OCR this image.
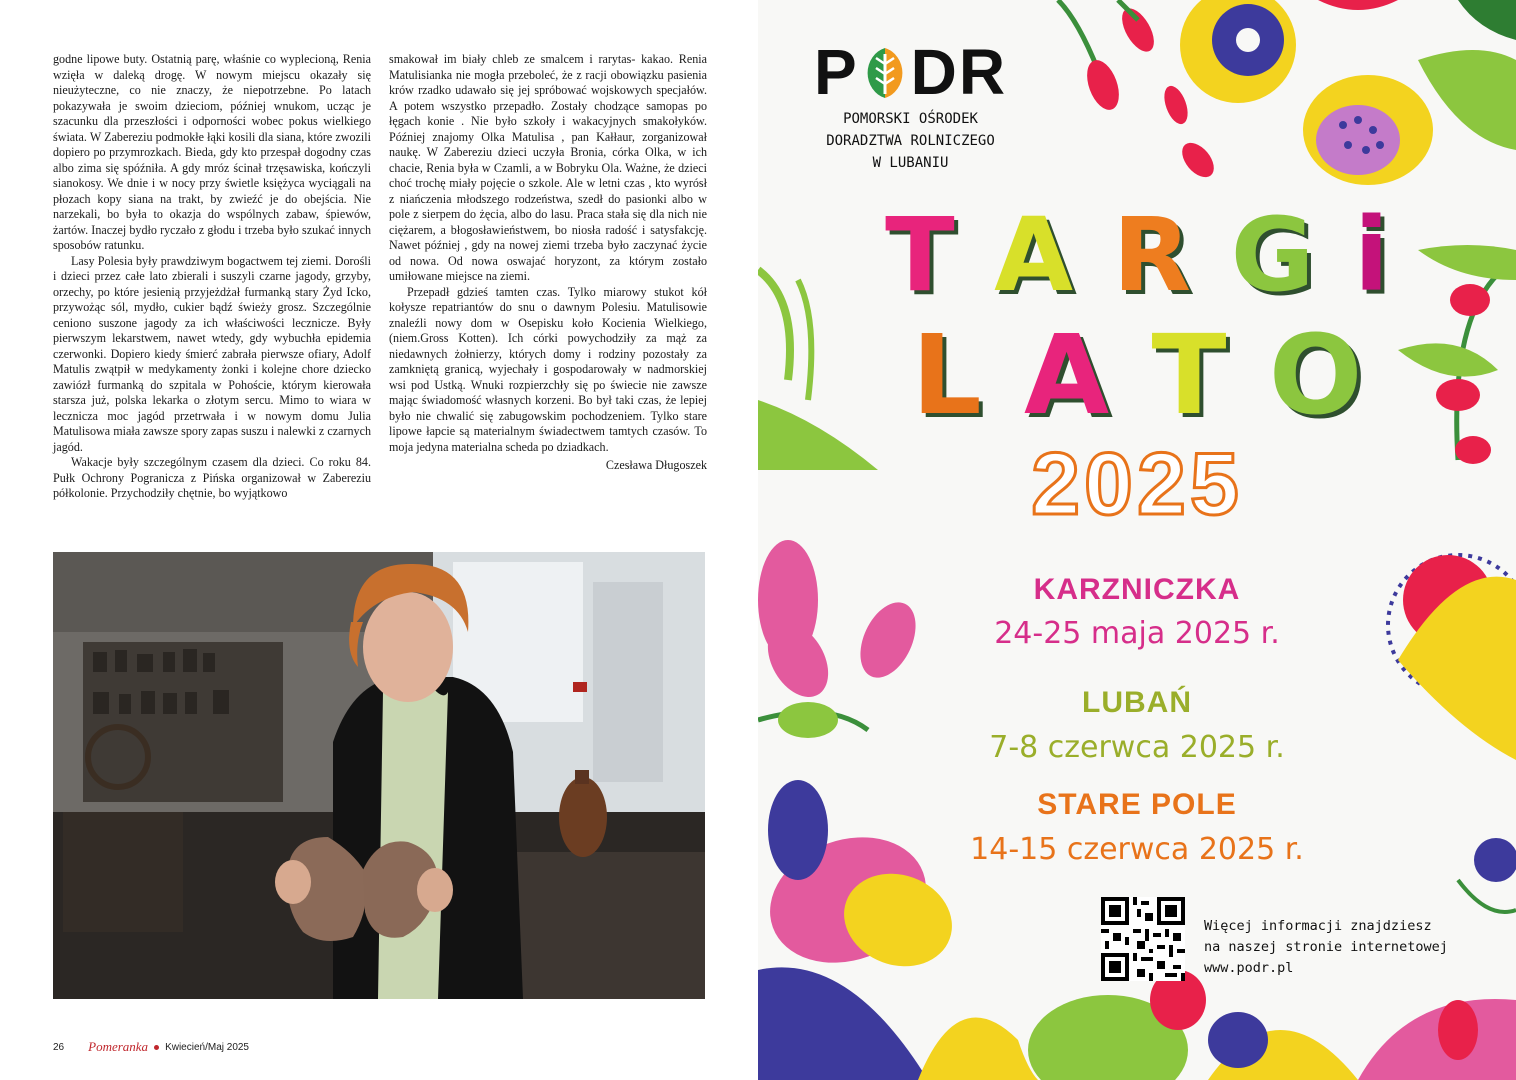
godne lipowe buty. Ostatnią parę, właśnie co wyplecioną, Renia wzięła w daleką drogę. W nowym miejscu okazały się nieużyteczne, co nie znaczy, że niepotrzebne. Po latach pokazywała je swoim dzieciom, później wnukom, ucząc je szacunku dla przeszłości i odporności wobec pokus wielkiego świata. W Zabereziu podmokłe łąki kosili dla siana, które zwozili dopiero po przymrozkach. Bieda, gdy kto przespał dogodny czas albo zima się spóźniła. A gdy mróz ścinał trzęsawiska, kończyli sianokosy. We dnie i w nocy przy świetle księżyca wyciągali na płozach kopy siana na trakt, by zwieźć je do obejścia. Nie narzekali, bo była to okazja do wspólnych zabaw, śpiewów, żartów. Inaczej bydło ryczało z głodu i trzeba było szukać innych sposobów ratunku.

Lasy Polesia były prawdziwym bogactwem tej ziemi. Dorośli i dzieci przez całe lato zbierali i suszyli czarne jagody, grzyby, orzechy, po które jesienią przyjeżdżał furmanką stary Żyd Icko, przywożąc sól, mydło, cukier bądź świeży grosz. Szczególnie ceniono suszone jagody za ich właściwości lecznicze. Były pierwszym lekarstwem, nawet wtedy, gdy wybuchła epidemia czerwonki. Dopiero kiedy śmierć zabrała pierwsze ofiary, Adolf Matulis zwątpił w medykamenty żonki i kolejne chore dziecko zawiózł furmanką do szpitala w Pohoście, którym kierowała starsza już, polska lekarka o złotym sercu. Mimo to wiara w lecznicza moc jagód przetrwała i w nowym domu Julia Matulisowa miała zawsze spory zapas suszu i nalewki z czarnych jagód.

Wakacje były szczególnym czasem dla dzieci. Co roku 84. Pułk Ochrony Pogranicza z Pińska organizował w Zabereziu półkolonie. Przychodziły chętnie, bo wyjątkowo

smakował im biały chleb ze smalcem i rarytas- kakao. Renia Matulisianka nie mogła przeboleć, że z racji obowiązku pasienia krów rzadko udawało się jej spróbować wojskowych specjałów. A potem wszystko przepadło. Zostały chodzące samopas po łęgach konie . Nie było szkoły i wakacyjnych smakołyków. Później znajomy Olka Matulisa , pan Kałłaur, zorganizował naukę. W Zabereziu dzieci uczyła Bronia, córka Olka, w ich chacie, Renia była w Czamli, a w Bobryku Ola. Ważne, że dzieci choć trochę miały pojęcie o szkole. Ale w letni czas , kto wyrósł z niańczenia młodszego rodzeństwa, szedł do pasionki albo w pole z sierpem do żęcia, albo do lasu. Praca stała się dla nich nie ciężarem, a błogosławieństwem, bo niosła radość i satysfakcję. Nawet później , gdy na nowej ziemi trzeba było zaczynać życie od nowa. Od nowa oswajać horyzont, za którym zostało umiłowane miejsce na ziemi.

Przepadł gdzieś tamten czas. Tylko miarowy stukot kół kołysze repatriantów do snu o dawnym Polesiu. Matulisowie znaleźli nowy dom w Osepisku koło Kocienia Wielkiego,(niem.Gross Kotten). Ich córki powychodziły za mąż za niedawnych żołnierzy, których domy i rodziny pozostały za zamkniętą granicą, wyjechały i gospodarowały w nadmorskiej wsi pod Ustką. Wnuki rozpierzchły się po świecie nie zawsze mając świadomość własnych korzeni. Bo był taki czas, że lepiej było nie chwalić się zabugowskim pochodzeniem. Tylko stare lipowe łapcie są materialnym świadectwem tamtych czasów. To moja jedyna materialna scheda po dziadkach.

Czesława Długoszek

26 Pomeranka Kwiecień/Maj 2025
P DR
POMORSKI OŚRODEK
DORADZTWA ROLNICZEGO
W LUBANIU
T A R G i
L A T O
2025
KARZNICZKA
24-25 maja 2025 r.
LUBAŃ
7-8 czerwca 2025 r.
STARE POLE
14-15 czerwca 2025 r.
Więcej informacji znajdziesz
na naszej stronie internetowej
www.podr.pl
